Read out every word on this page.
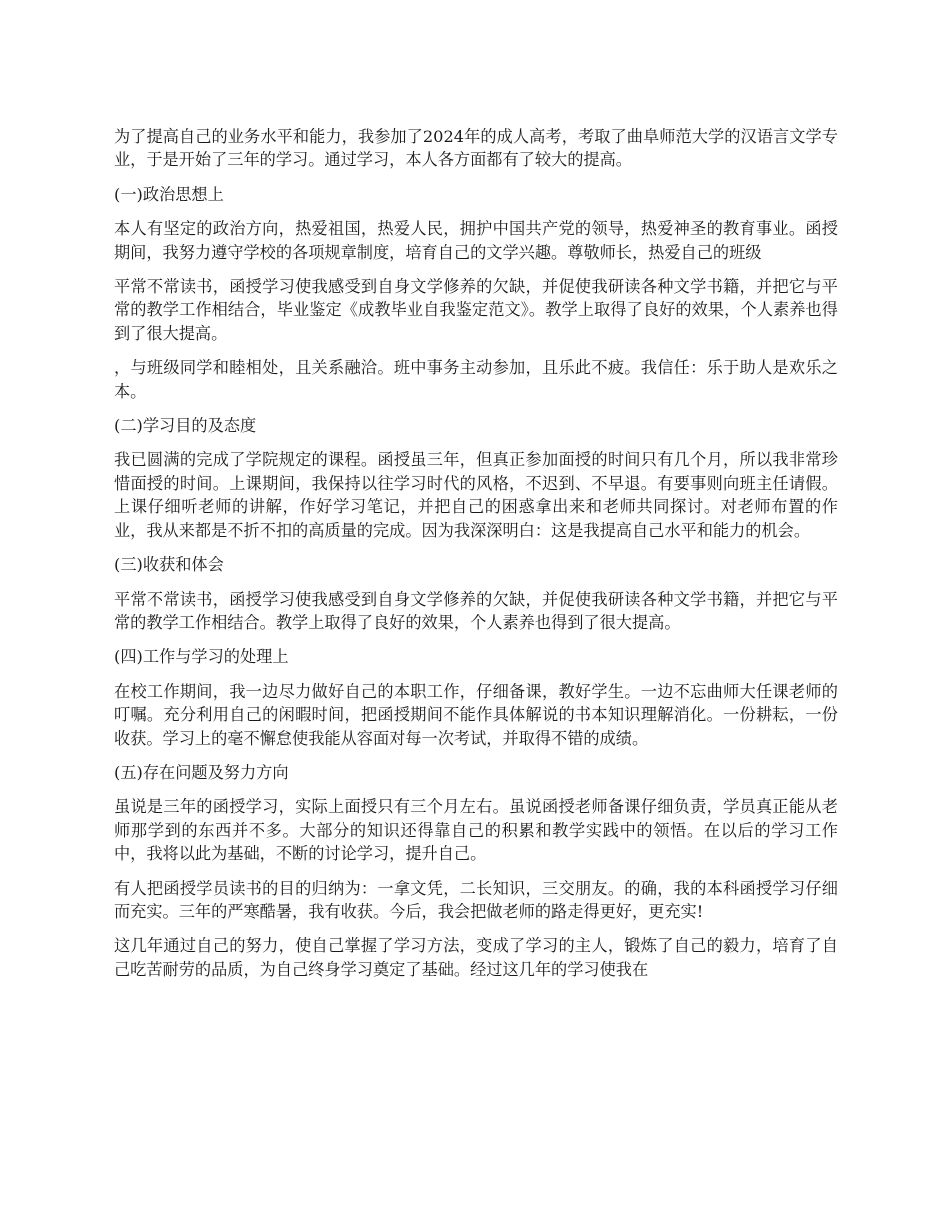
为了提高自己的业务水平和能力，我参加了2024年的成人高考，考取了曲阜师范大学的汉语言文学专业，于是开始了三年的学习。通过学习，本人各方面都有了较大的提高。

(一)政治思想上

本人有坚定的政治方向，热爱祖国，热爱人民，拥护中国共产党的领导，热爱神圣的教育事业。函授期间，我努力遵守学校的各项规章制度，培育自己的文学兴趣。尊敬师长，热爱自己的班级

平常不常读书，函授学习使我感受到自身文学修养的欠缺，并促使我研读各种文学书籍，并把它与平常的教学工作相结合，毕业鉴定《成教毕业自我鉴定范文》。教学上取得了良好的效果，个人素养也得到了很大提高。

，与班级同学和睦相处，且关系融洽。班中事务主动参加，且乐此不疲。我信任：乐于助人是欢乐之本。

(二)学习目的及态度

我已圆满的完成了学院规定的课程。函授虽三年，但真正参加面授的时间只有几个月，所以我非常珍惜面授的时间。上课期间，我保持以往学习时代的风格，不迟到、不早退。有要事则向班主任请假。上课仔细听老师的讲解，作好学习笔记，并把自己的困惑拿出来和老师共同探讨。对老师布置的作业，我从来都是不折不扣的高质量的完成。因为我深深明白：这是我提高自己水平和能力的机会。

(三)收获和体会

平常不常读书，函授学习使我感受到自身文学修养的欠缺，并促使我研读各种文学书籍，并把它与平常的教学工作相结合。教学上取得了良好的效果，个人素养也得到了很大提高。

(四)工作与学习的处理上

在校工作期间，我一边尽力做好自己的本职工作，仔细备课，教好学生。一边不忘曲师大任课老师的叮嘱。充分利用自己的闲暇时间，把函授期间不能作具体解说的书本知识理解消化。一份耕耘，一份收获。学习上的毫不懈怠使我能从容面对每一次考试，并取得不错的成绩。

(五)存在问题及努力方向

虽说是三年的函授学习，实际上面授只有三个月左右。虽说函授老师备课仔细负责，学员真正能从老师那学到的东西并不多。大部分的知识还得靠自己的积累和教学实践中的领悟。在以后的学习工作中，我将以此为基础，不断的讨论学习，提升自己。

有人把函授学员读书的目的归纳为：一拿文凭，二长知识，三交朋友。的确，我的本科函授学习仔细而充实。三年的严寒酷暑，我有收获。今后，我会把做老师的路走得更好，更充实!

这几年通过自己的努力，使自己掌握了学习方法，变成了学习的主人，锻炼了自己的毅力，培育了自己吃苦耐劳的品质，为自己终身学习奠定了基础。经过这几年的学习使我在
